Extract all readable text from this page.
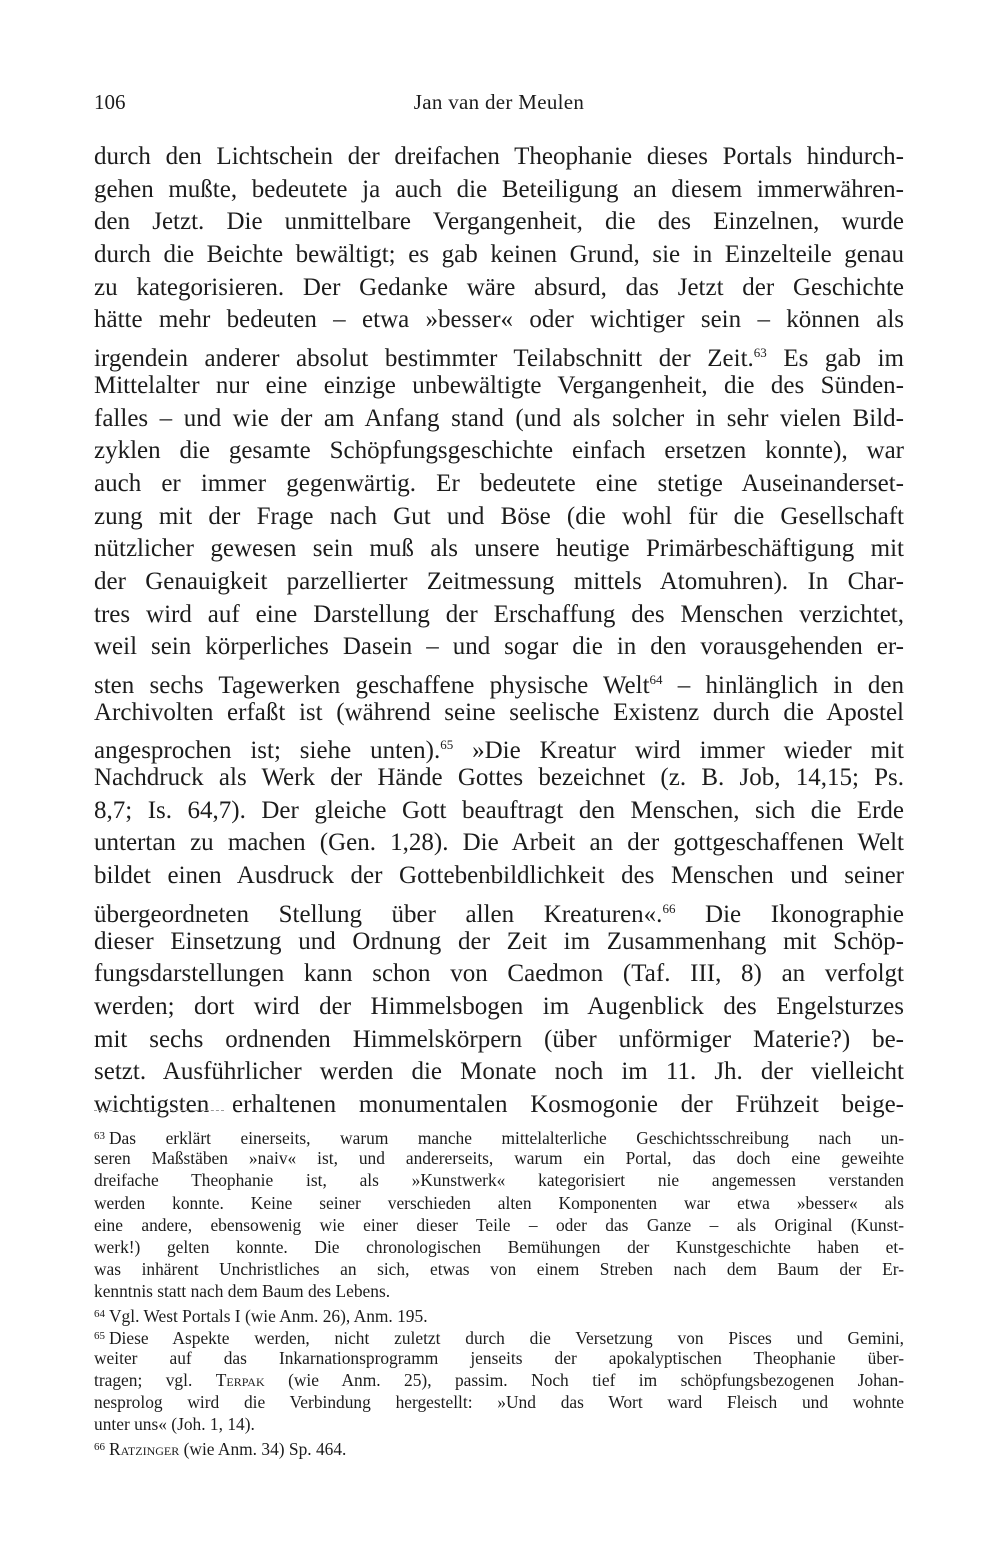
106	Jan van der Meulen
durch den Lichtschein der dreifachen Theophanie dieses Portals hindurch-
gehen mußte, bedeutete ja auch die Beteiligung an diesem immerwähren-
den Jetzt. Die unmittelbare Vergangenheit, die des Einzelnen, wurde
durch die Beichte bewältigt; es gab keinen Grund, sie in Einzelteile genau
zu kategorisieren. Der Gedanke wäre absurd, das Jetzt der Geschichte
hätte mehr bedeuten – etwa »besser« oder wichtiger sein – können als
irgendein anderer absolut bestimmter Teilabschnitt der Zeit.$^{63}$ Es gab im
Mittelalter nur eine einzige unbewältigte Vergangenheit, die des Sünden-
falles – und wie der am Anfang stand (und als solcher in sehr vielen Bild-
zyklen die gesamte Schöpfungsgeschichte einfach ersetzen konnte), war
auch er immer gegenwärtig. Er bedeutete eine stetige Auseinanderset-
zung mit der Frage nach Gut und Böse (die wohl für die Gesellschaft
nützlicher gewesen sein muß als unsere heutige Primärbeschäftigung mit
der Genauigkeit parzellierter Zeitmessung mittels Atomuhren). In Char-
tres wird auf eine Darstellung der Erschaffung des Menschen verzichtet,
weil sein körperliches Dasein – und sogar die in den vorausgehenden er-
sten sechs Tagewerken geschaffene physische Welt$^{64}$ – hinlänglich in den
Archivolten erfaßt ist (während seine seelische Existenz durch die Apostel
angesprochen ist; siehe unten).$^{65}$ »Die Kreatur wird immer wieder mit
Nachdruck als Werk der Hände Gottes bezeichnet (z. B. Job, 14,15; Ps.
8,7; Is. 64,7). Der gleiche Gott beauftragt den Menschen, sich die Erde
untertan zu machen (Gen. 1,28). Die Arbeit an der gottgeschaffenen Welt
bildet einen Ausdruck der Gottebenbildlichkeit des Menschen und seiner
übergeordneten Stellung über allen Kreaturen«.$^{66}$ Die Ikonographie
dieser Einsetzung und Ordnung der Zeit im Zusammenhang mit Schöp-
fungsdarstellungen kann schon von Caedmon (Taf. III, 8) an verfolgt
werden; dort wird der Himmelsbogen im Augenblick des Engelsturzes
mit sechs ordnenden Himmelskörpern (über unförmiger Materie?) be-
setzt. Ausführlicher werden die Monate noch im 11. Jh. der vielleicht
wichtigsten erhaltenen monumentalen Kosmogonie der Frühzeit beige-
$^{63}$ Das erklärt einerseits, warum manche mittelalterliche Geschichtsschreibung nach un-
seren Maßstäben »naiv« ist, und andererseits, warum ein Portal, das doch eine geweihte
dreifache Theophanie ist, als »Kunstwerk« kategorisiert nie angemessen verstanden
werden konnte. Keine seiner verschieden alten Komponenten war etwa »besser« als
eine andere, ebensowenig wie einer dieser Teile – oder das Ganze – als Original (Kunst-
werk!) gelten konnte. Die chronologischen Bemühungen der Kunstgeschichte haben et-
was inhärent Unchristliches an sich, etwas von einem Streben nach dem Baum der Er-
kenntnis statt nach dem Baum des Lebens.
$^{64}$ Vgl. West Portals I (wie Anm. 26), Anm. 195.
$^{65}$ Diese Aspekte werden, nicht zuletzt durch die Versetzung von Pisces und Gemini,
weiter auf das Inkarnationsprogramm jenseits der apokalyptischen Theophanie über-
tragen; vgl. Terpak (wie Anm. 25), passim. Noch tief im schöpfungsbezogenen Johan-
nesprolog wird die Verbindung hergestellt: »Und das Wort ward Fleisch und wohnte
unter uns« (Joh. 1, 14).
$^{66}$ Ratzinger (wie Anm. 34) Sp. 464.
